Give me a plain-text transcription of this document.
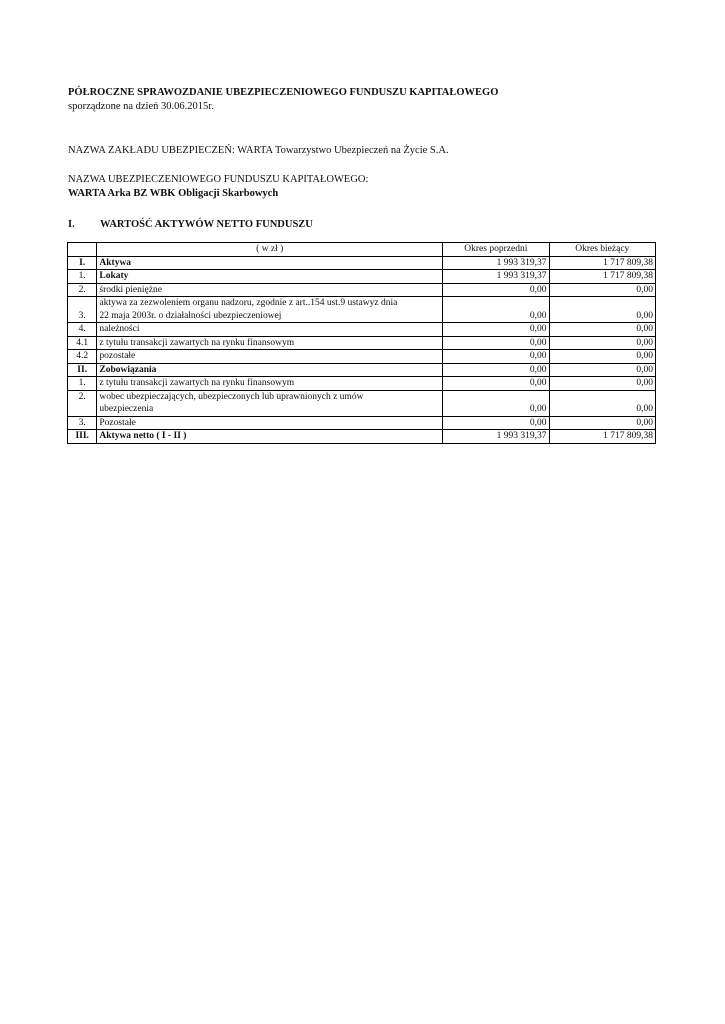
PÓŁROCZNE SPRAWOZDANIE UBEZPIECZENIOWEGO FUNDUSZU KAPITAŁOWEGO
sporządzone na dzień 30.06.2015r.
NAZWA ZAKŁADU UBEZPIECZEŃ: WARTA Towarzystwo Ubezpieczeń na Życie S.A.
NAZWA UBEZPIECZENIOWEGO FUNDUSZU KAPITAŁOWEGO:
WARTA Arka BZ WBK Obligacji Skarbowych
I.	WARTOŚĆ AKTYWÓW NETTO FUNDUSZU
	( w zł )	Okres poprzedni	Okres bieżący
I.	Aktywa	1 993 319,37	1 717 809,38
1.	Lokaty	1 993 319,37	1 717 809,38
2.	środki pieniężne	0,00	0,00
3.	aktywa za zezwoleniem organu nadzoru, zgodnie z art..154 ust.9 ustawyz dnia
22 maja 2003r. o działalności ubezpieczeniowej	0,00	0,00
4.	należności	0,00	0,00
4.1	z tytułu transakcji zawartych na rynku finansowym	0,00	0,00
4.2	pozostałe	0,00	0,00
II.	Zobowiązania	0,00	0,00
1.	z tytułu transakcji zawartych na rynku finansowym	0,00	0,00
2.	wobec ubezpieczających, ubezpieczonych lub uprawnionych z umów
ubezpieczenia	0,00	0,00
3.	Pozostałe	0,00	0,00
III.	Aktywa netto ( I - II )	1 993 319,37	1 717 809,38
